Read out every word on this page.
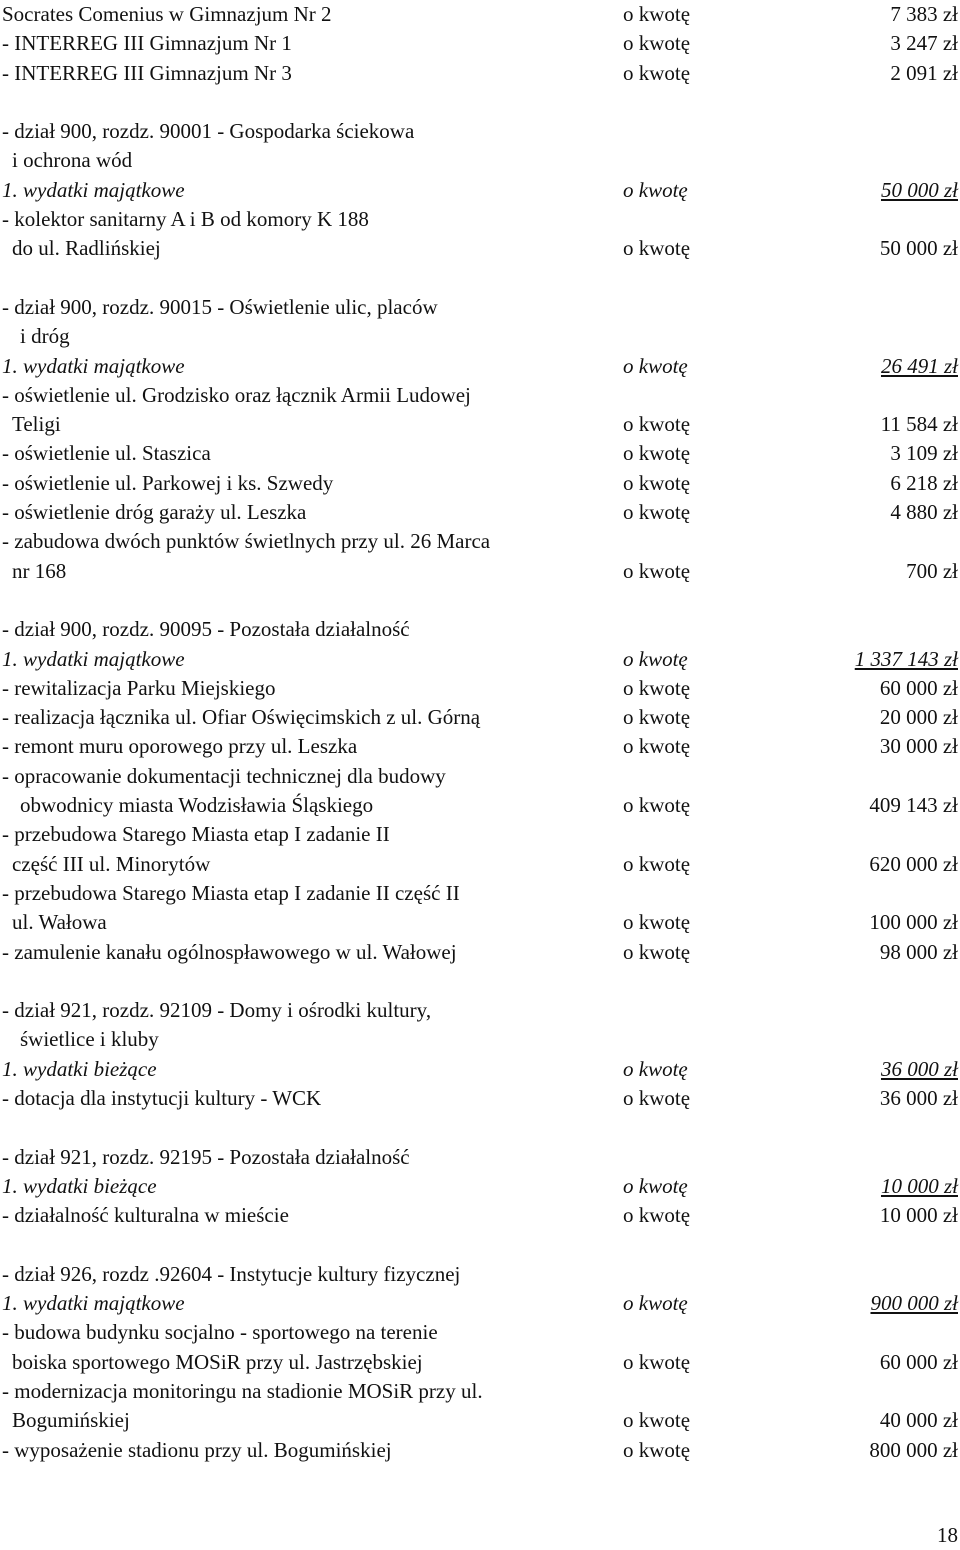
Socrates Comenius w Gimnazjum Nr 2	o kwotę	7 383 zł
- INTERREG III Gimnazjum Nr 1	o kwotę	3 247 zł
- INTERREG III Gimnazjum Nr 3	o kwotę	2 091 zł
- dział 900, rozdz. 90001 - Gospodarka ściekowa
i ochrona wód
1. wydatki majątkowe	o kwotę	50 000 zł
- kolektor sanitarny A i B od komory K 188
do ul. Radlińskiej	o kwotę	50 000 zł
- dział 900, rozdz. 90015 - Oświetlenie ulic, placów
i dróg
1. wydatki majątkowe	o kwotę	26 491 zł
- oświetlenie ul. Grodzisko oraz łącznik Armii Ludowej
Teligi	o kwotę	11 584 zł
- oświetlenie ul. Staszica	o kwotę	3 109 zł
- oświetlenie ul. Parkowej i ks. Szwedy	o kwotę	6 218 zł
- oświetlenie dróg garaży ul. Leszka	o kwotę	4 880 zł
- zabudowa dwóch punktów świetlnych przy ul. 26 Marca
nr 168	o kwotę	700 zł
- dział 900, rozdz. 90095 - Pozostała działalność
1. wydatki majątkowe	o kwotę	1 337 143 zł
- rewitalizacja Parku Miejskiego	o kwotę	60 000 zł
- realizacja łącznika ul. Ofiar Oświęcimskich z ul. Górną	o kwotę	20 000 zł
- remont muru oporowego przy ul. Leszka	o kwotę	30 000 zł
- opracowanie dokumentacji technicznej dla budowy
obwodnicy miasta Wodzisławia Śląskiego	o kwotę	409 143 zł
- przebudowa Starego Miasta etap I zadanie II
część III ul. Minorytów	o kwotę	620 000 zł
- przebudowa Starego Miasta etap I zadanie II część II
ul. Wałowa	o kwotę	100 000 zł
- zamulenie kanału ogólnospławowego w ul. Wałowej	o kwotę	98 000 zł
- dział 921, rozdz. 92109 - Domy i ośrodki kultury,
świetlice i kluby
1. wydatki bieżące	o kwotę	36 000 zł
- dotacja dla instytucji kultury - WCK	o kwotę	36 000 zł
- dział 921, rozdz. 92195 - Pozostała działalność
1. wydatki bieżące	o kwotę	10 000 zł
- działalność kulturalna w mieście	o kwotę	10 000 zł
- dział 926, rozdz .92604 - Instytucje kultury fizycznej
1. wydatki majątkowe	o kwotę	900 000 zł
- budowa budynku socjalno - sportowego na terenie
boiska sportowego MOSiR przy ul. Jastrzębskiej	o kwotę	60 000 zł
- modernizacja monitoringu na stadionie MOSiR przy ul.
Bogumińskiej	o kwotę	40 000 zł
- wyposażenie stadionu przy ul. Bogumińskiej	o kwotę	800 000 zł
18
